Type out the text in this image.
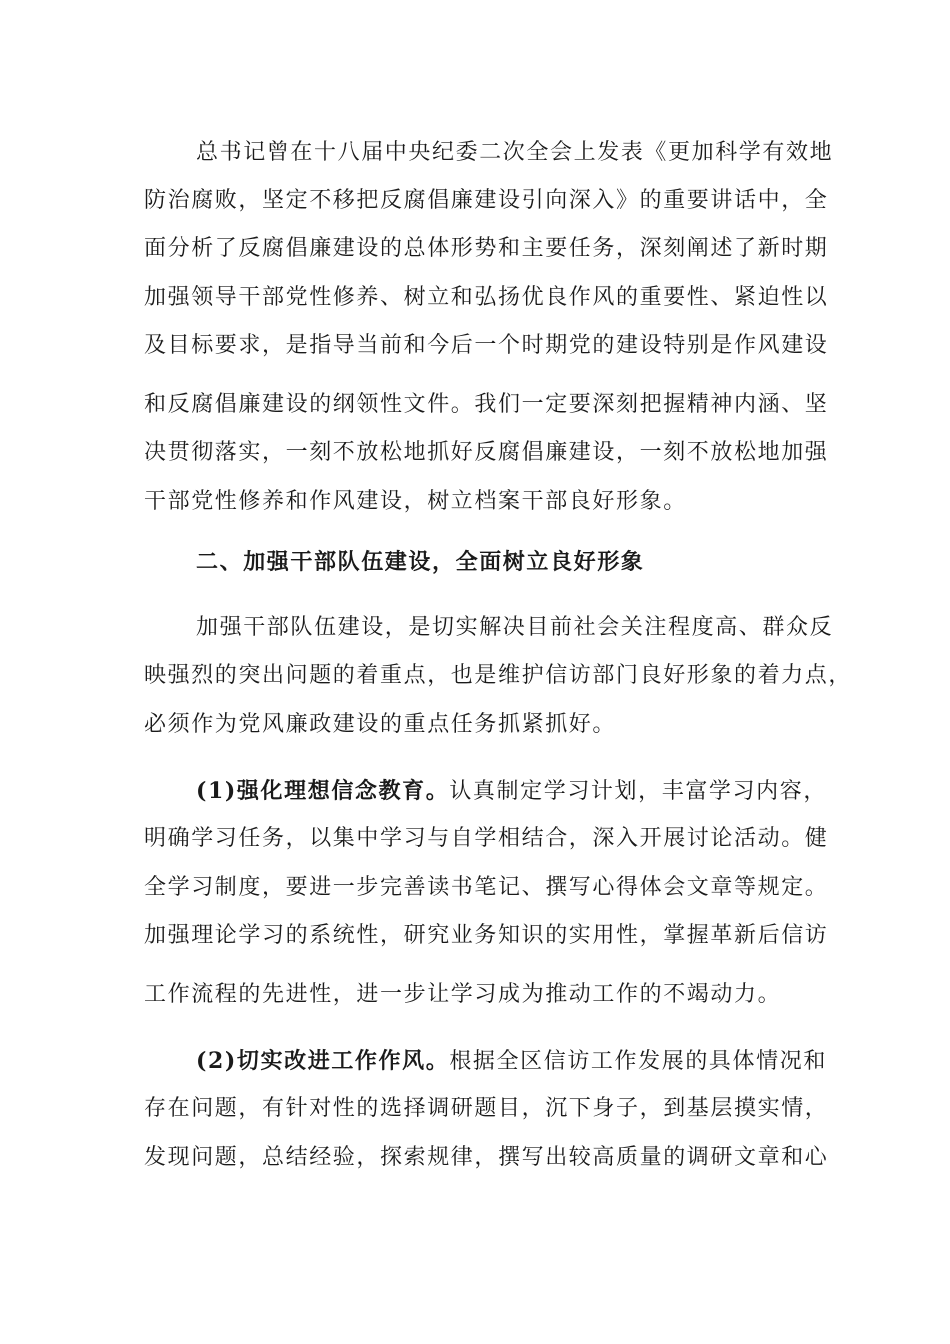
总书记曾在十八届中央纪委二次全会上发表《更加科学有效地
防治腐败，坚定不移把反腐倡廉建设引向深入》的重要讲话中，全
面分析了反腐倡廉建设的总体形势和主要任务，深刻阐述了新时期
加强领导干部党性修养、树立和弘扬优良作风的重要性、紧迫性以
及目标要求，是指导当前和今后一个时期党的建设特别是作风建设
和反腐倡廉建设的纲领性文件。我们一定要深刻把握精神内涵、坚
决贯彻落实，一刻不放松地抓好反腐倡廉建设，一刻不放松地加强
干部党性修养和作风建设，树立档案干部良好形象。
二、加强干部队伍建设，全面树立良好形象
加强干部队伍建设，是切实解决目前社会关注程度高、群众反
映强烈的突出问题的着重点，也是维护信访部门良好形象的着力点，
必须作为党风廉政建设的重点任务抓紧抓好。
(1)强化理想信念教育。认真制定学习计划，丰富学习内容，
明确学习任务，以集中学习与自学相结合，深入开展讨论活动。健
全学习制度，要进一步完善读书笔记、撰写心得体会文章等规定。
加强理论学习的系统性，研究业务知识的实用性，掌握革新后信访
工作流程的先进性，进一步让学习成为推动工作的不竭动力。
(2)切实改进工作作风。根据全区信访工作发展的具体情况和
存在问题，有针对性的选择调研题目，沉下身子，到基层摸实情，
发现问题，总结经验，探索规律，撰写出较高质量的调研文章和心
